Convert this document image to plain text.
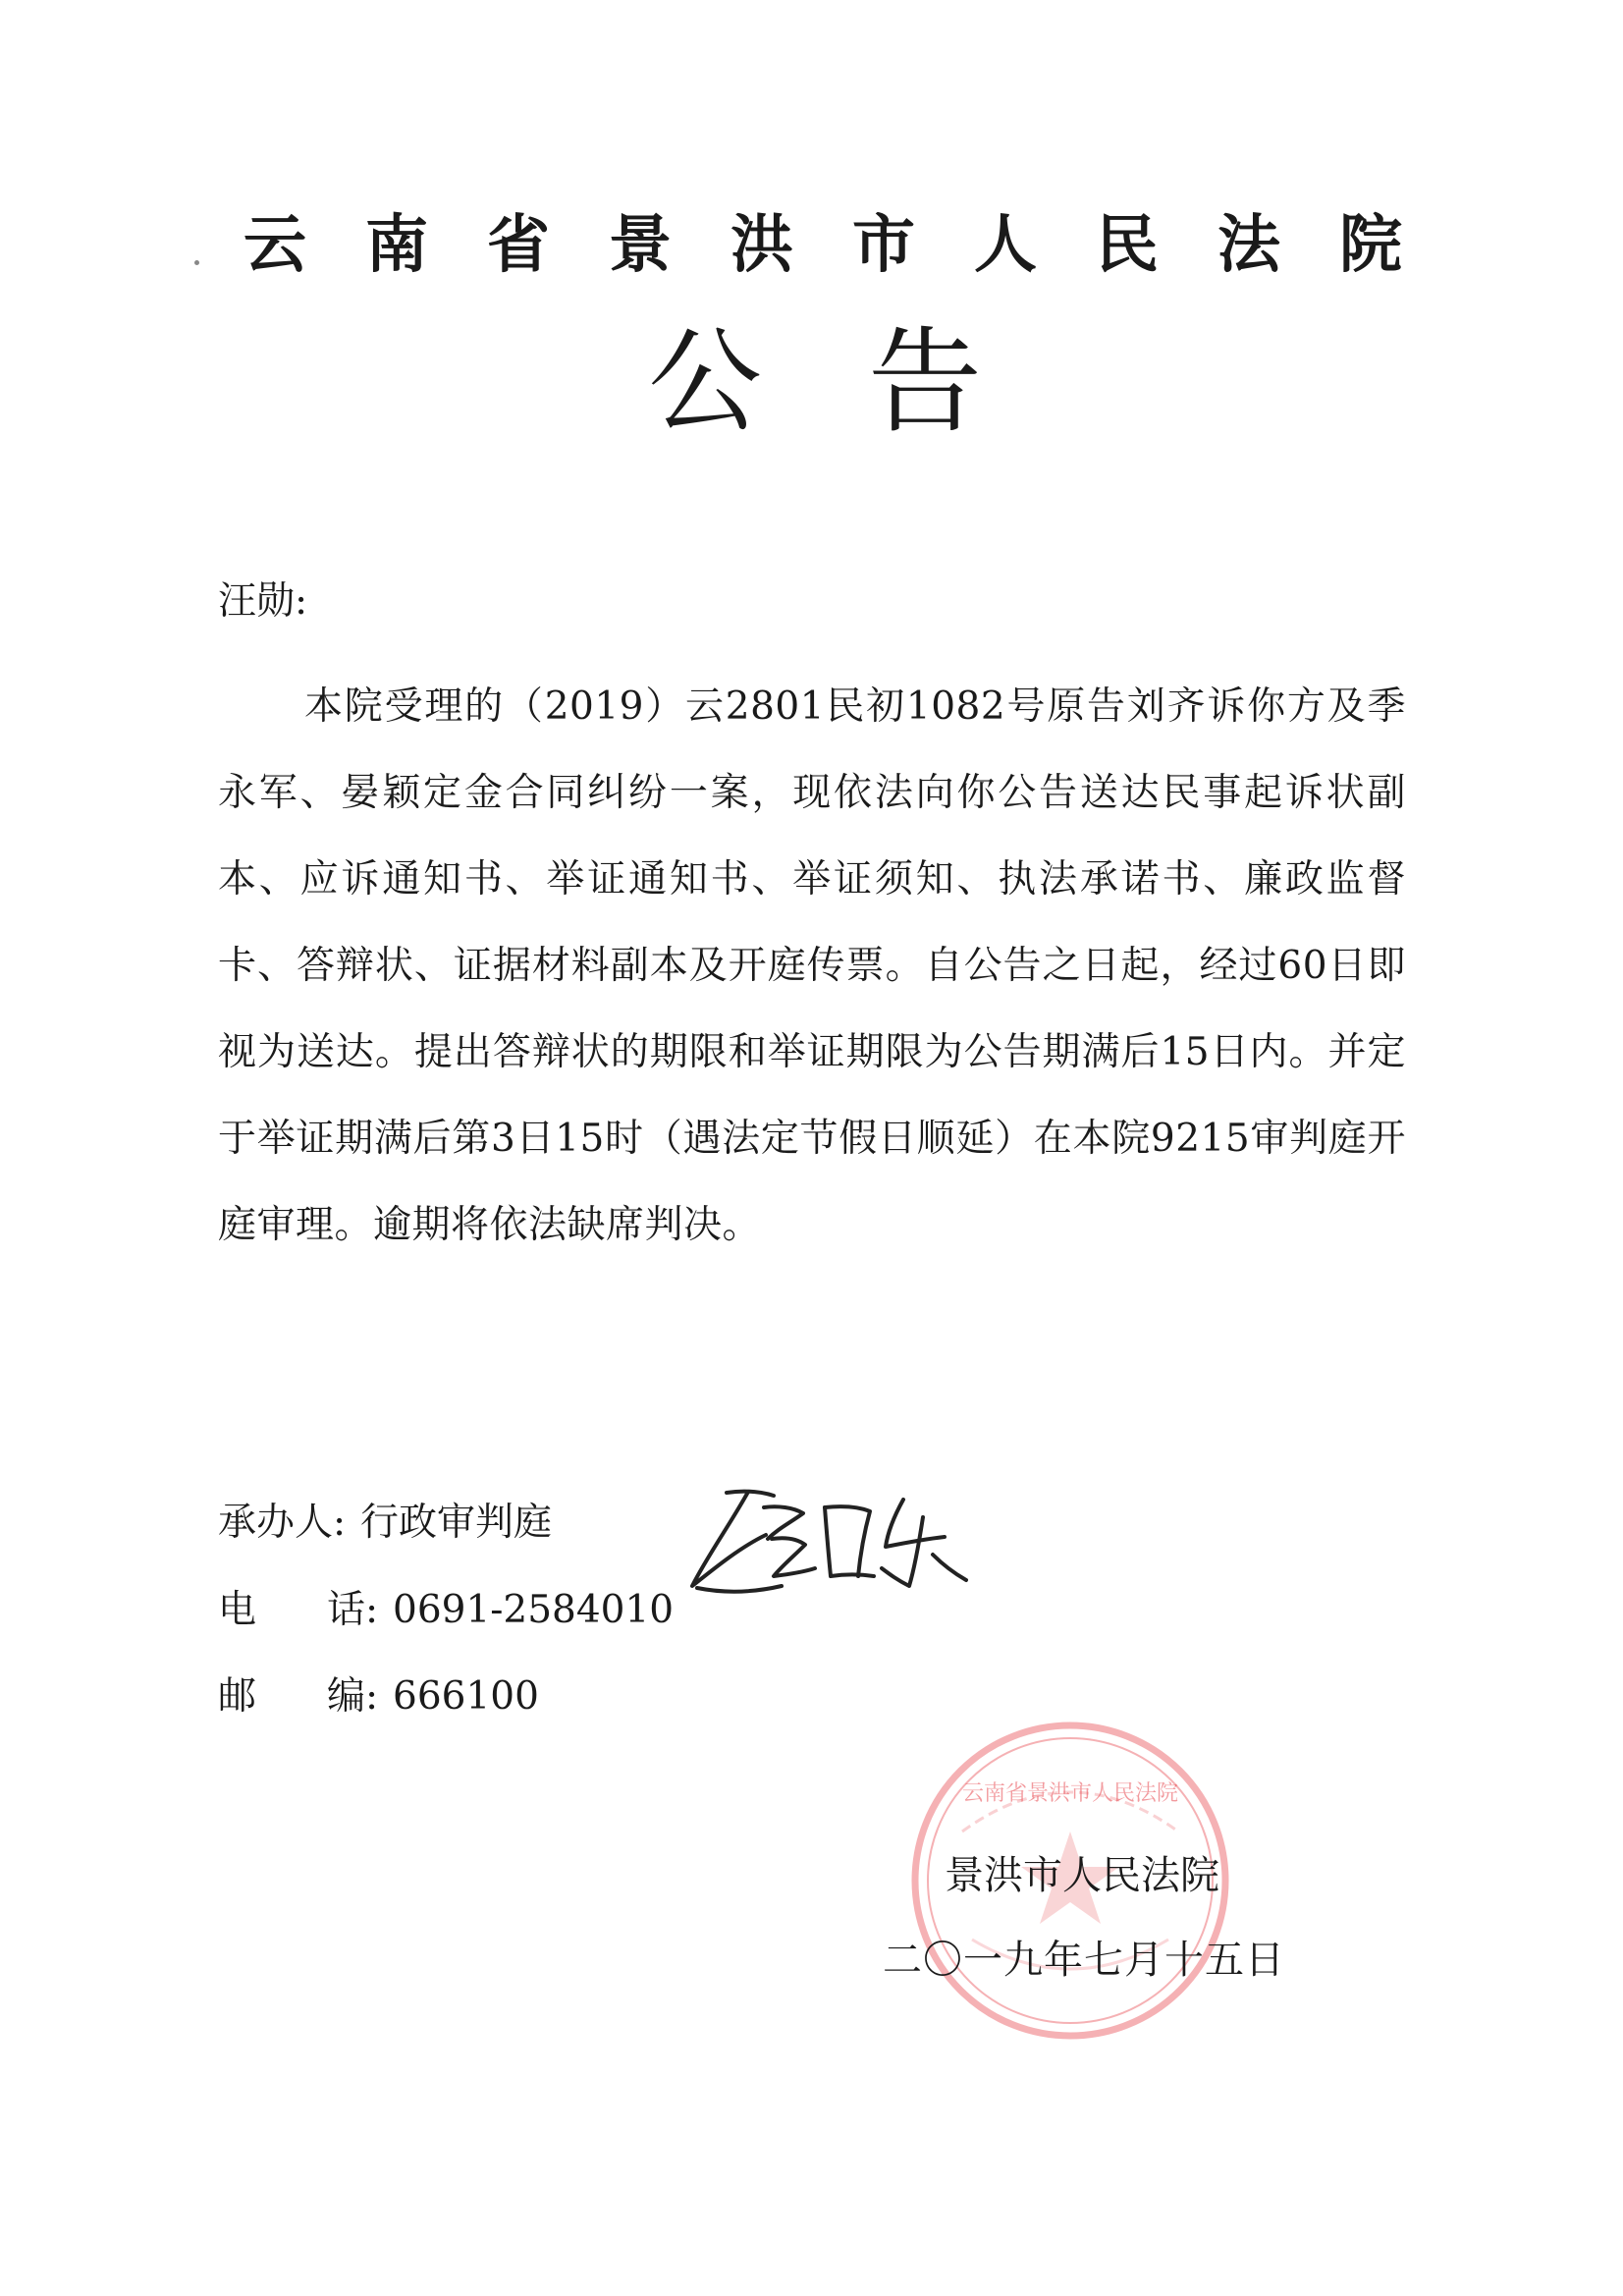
云 南 省 景 洪 市 人 民 法 院
公 告
汪勋:

本院受理的（2019）云2801民初1082号原告刘齐诉你方及季永军、晏颖定金合同纠纷一案，现依法向你公告送达民事起诉状副本、应诉通知书、举证通知书、举证须知、执法承诺书、廉政监督卡、答辩状、证据材料副本及开庭传票。自公告之日起，经过60日即视为送达。提出答辩状的期限和举证期限为公告期满后15日内。并定于举证期满后第3日15时（遇法定节假日顺延）在本院9215审判庭开庭审理。逾期将依法缺席判决。

承办人 : 行政审判庭
电 话 : 0691-2584010
邮 编 : 666100
云南省景洪市人民法院
景洪市人民法院
二〇一九年七月十五日
